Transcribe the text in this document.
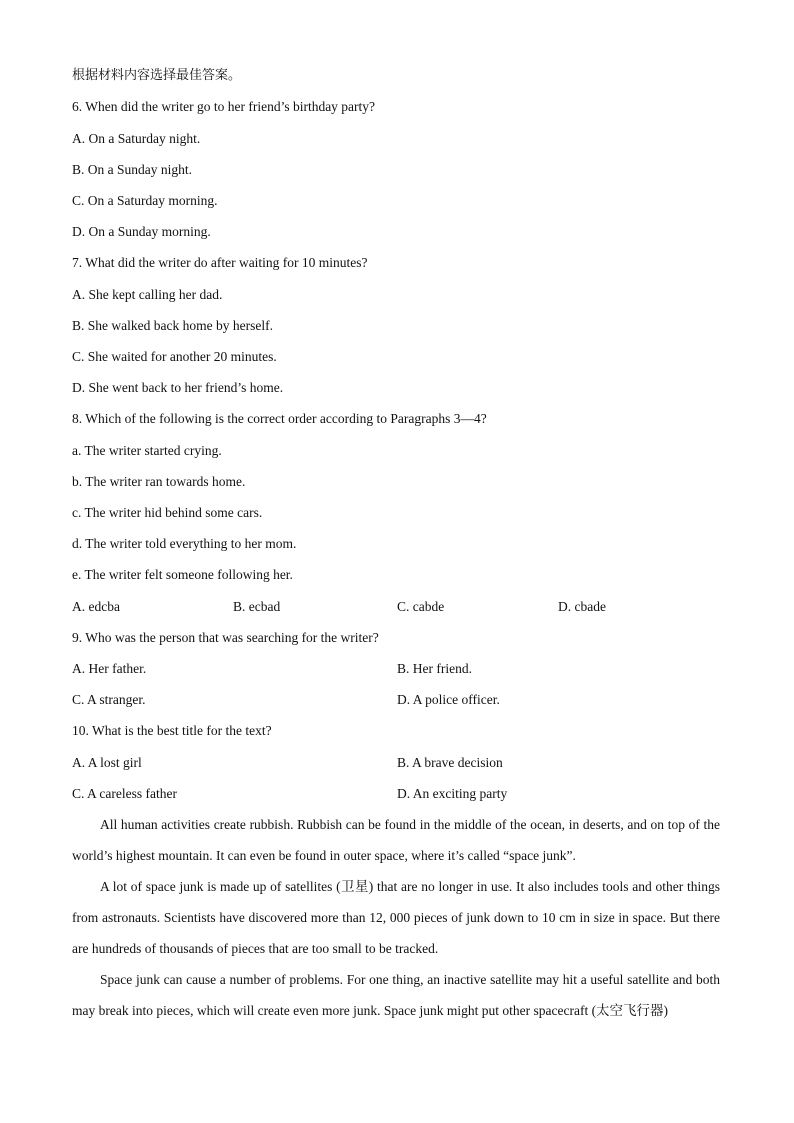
根据材料内容选择最佳答案。
6. When did the writer go to her friend’s birthday party?
A. On a Saturday night.
B. On a Sunday night.
C. On a Saturday morning.
D. On a Sunday morning.
7. What did the writer do after waiting for 10 minutes?
A. She kept calling her dad.
B. She walked back home by herself.
C. She waited for another 20 minutes.
D. She went back to her friend’s home.
8. Which of the following is the correct order according to Paragraphs 3—4?
a. The writer started crying.
b. The writer ran towards home.
c. The writer hid behind some cars.
d. The writer told everything to her mom.
e. The writer felt someone following her.
A. edcba	B. ecbad	C. cabde	D. cbade
9. Who was the person that was searching for the writer?
A. Her father.	B. Her friend.
C. A stranger.	D. A police officer.
10. What is the best title for the text?
A. A lost girl	B. A brave decision
C. A careless father	D. An exciting party

All human activities create rubbish. Rubbish can be found in the middle of the ocean, in deserts, and on top of the world’s highest mountain. It can even be found in outer space, where it’s called “space junk”.

A lot of space junk is made up of satellites (卫星) that are no longer in use. It also includes tools and other things from astronauts. Scientists have discovered more than 12, 000 pieces of junk down to 10 cm in size in space. But there are hundreds of thousands of pieces that are too small to be tracked.

Space junk can cause a number of problems. For one thing, an inactive satellite may hit a useful satellite and both may break into pieces, which will create even more junk. Space junk might put other spacecraft (太空飞行器)
